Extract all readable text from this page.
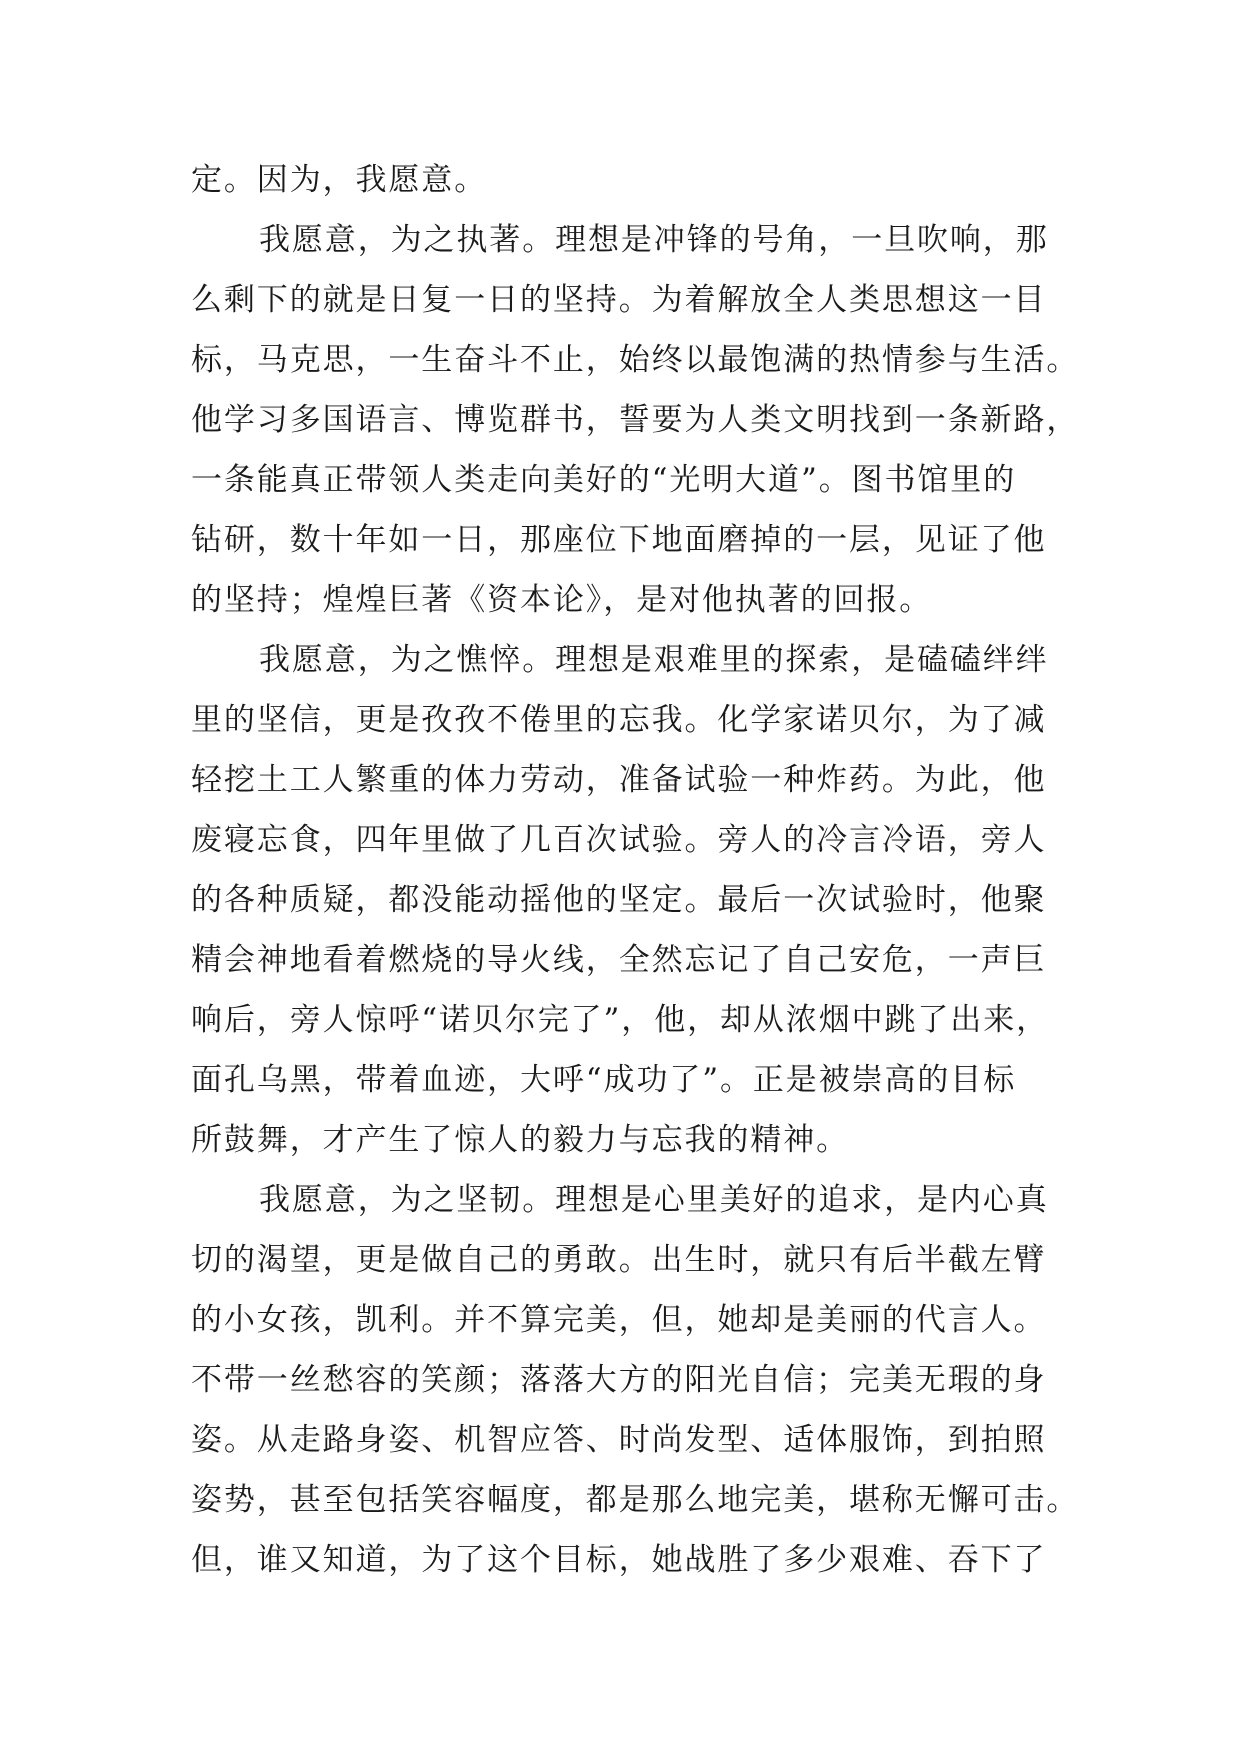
定。因为，我愿意。
我愿意，为之执著。理想是冲锋的号角，一旦吹响，那
么剩下的就是日复一日的坚持。为着解放全人类思想这一目
标，马克思，一生奋斗不止，始终以最饱满的热情参与生活。
他学习多国语言、博览群书，誓要为人类文明找到一条新路，
一条能真正带领人类走向美好的“光明大道”。图书馆里的
钻研，数十年如一日，那座位下地面磨掉的一层，见证了他
的坚持；煌煌巨著《资本论》，是对他执著的回报。
我愿意，为之憔悴。理想是艰难里的探索，是磕磕绊绊
里的坚信，更是孜孜不倦里的忘我。化学家诺贝尔，为了减
轻挖土工人繁重的体力劳动，准备试验一种炸药。为此，他
废寝忘食，四年里做了几百次试验。旁人的冷言冷语，旁人
的各种质疑，都没能动摇他的坚定。最后一次试验时，他聚
精会神地看着燃烧的导火线，全然忘记了自己安危，一声巨
响后，旁人惊呼“诺贝尔完了”，他，却从浓烟中跳了出来，
面孔乌黑，带着血迹，大呼“成功了”。正是被崇高的目标
所鼓舞，才产生了惊人的毅力与忘我的精神。
我愿意，为之坚韧。理想是心里美好的追求，是内心真
切的渴望，更是做自己的勇敢。出生时，就只有后半截左臂
的小女孩，凯利。并不算完美，但，她却是美丽的代言人。
不带一丝愁容的笑颜；落落大方的阳光自信；完美无瑕的身
姿。从走路身姿、机智应答、时尚发型、适体服饰，到拍照
姿势，甚至包括笑容幅度，都是那么地完美，堪称无懈可击。
但，谁又知道，为了这个目标，她战胜了多少艰难、吞下了
